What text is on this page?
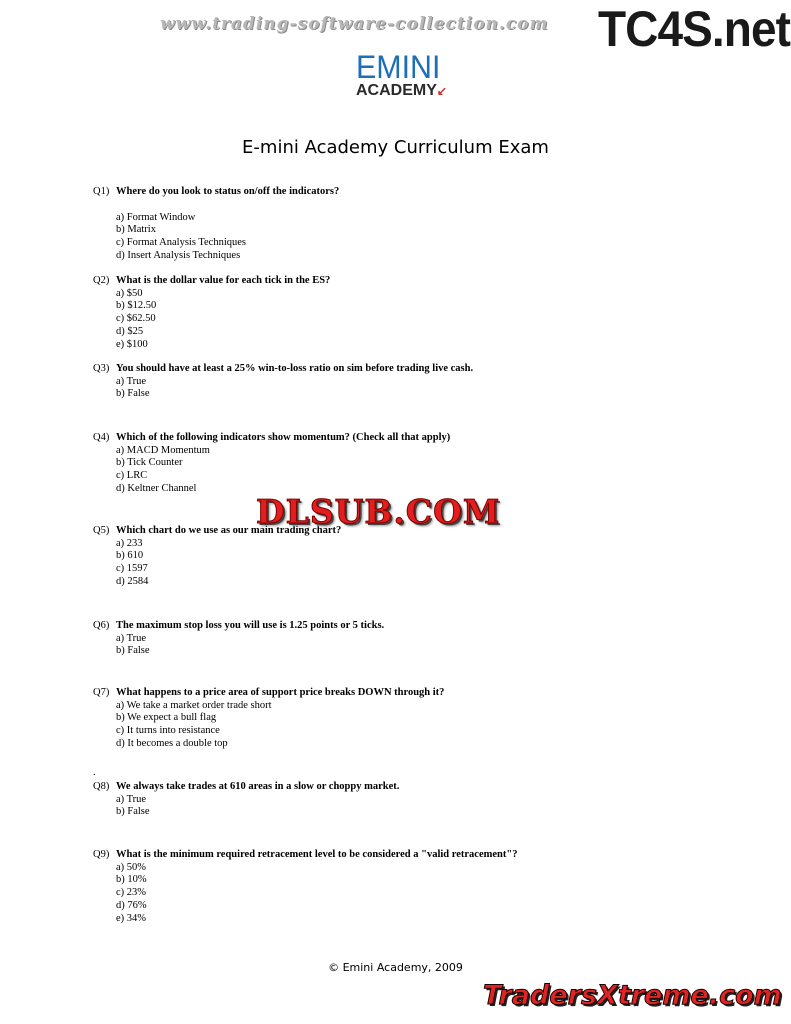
www.trading-software-collection.com TC4S.net
EMINI
ACADEMY↙
E-mini Academy Curriculum Exam
Q1) Where do you look to status on/off the indicators?
a) Format Window
b) Matrix
c) Format Analysis Techniques
d) Insert Analysis Techniques
Q2) What is the dollar value for each tick in the ES?
a) $50
b) $12.50
c) $62.50
d) $25
e) $100
Q3) You should have at least a 25% win-to-loss ratio on sim before trading live cash.
a) True
b) False
Q4) Which of the following indicators show momentum? (Check all that apply)
a) MACD Momentum
b) Tick Counter
c) LRC
d) Keltner Channel
Q5) Which chart do we use as our main trading chart?
a) 233
b) 610
c) 1597
d) 2584
DLSUB.COM
Q6) The maximum stop loss you will use is 1.25 points or 5 ticks.
a) True
b) False
Q7) What happens to a price area of support price breaks DOWN through it?
a) We take a market order trade short
b) We expect a bull flag
c) It turns into resistance
d) It becomes a double top
.
Q8) We always take trades at 610 areas in a slow or choppy market.
a) True
b) False
Q9) What is the minimum required retracement level to be considered a "valid retracement"?
a) 50%
b) 10%
c) 23%
d) 76%
e) 34%
© Emini Academy, 2009
TradersXtreme.com
